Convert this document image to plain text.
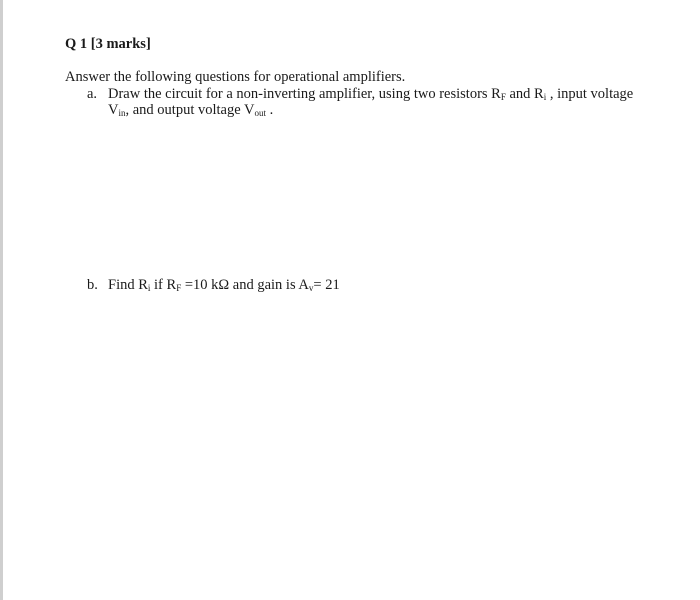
Q 1 [3 marks]
Answer the following questions for operational amplifiers.
a. Draw the circuit for a non-inverting amplifier, using two resistors $R_F$ and $R_i$ , input voltage
$V_{in}$, and output voltage $V_{out}$ .
b. Find $R_i$ if $R_F =10$ kΩ and gain is $A_v= 21$
